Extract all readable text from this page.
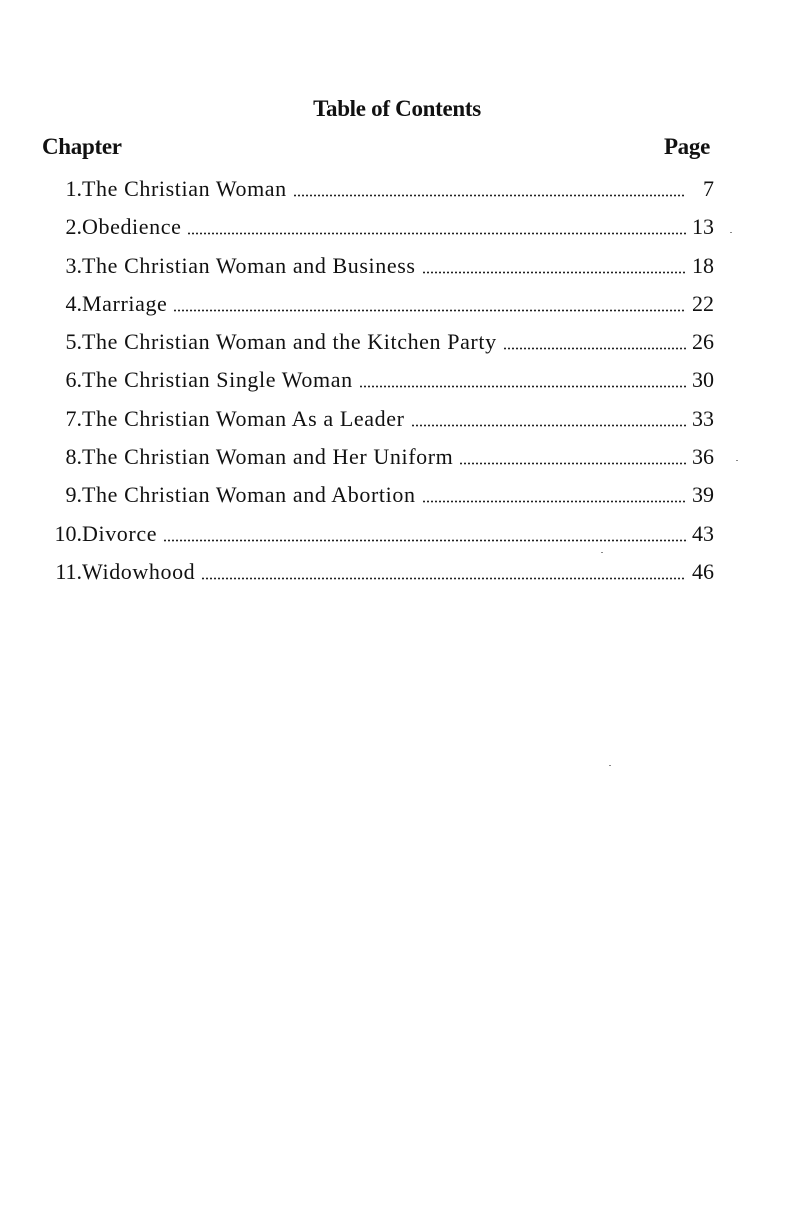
Table of Contents
Chapter	Page
1. The Christian Woman	7
2. Obedience	13
3. The Christian Woman and Business	18
4. Marriage	22
5. The Christian Woman and the Kitchen Party	26
6. The Christian Single Woman	30
7. The Christian Woman As a Leader	33
8. The Christian Woman and Her Uniform	36
9. The Christian Woman and Abortion	39
10. Divorce	43
11. Widowhood	46
